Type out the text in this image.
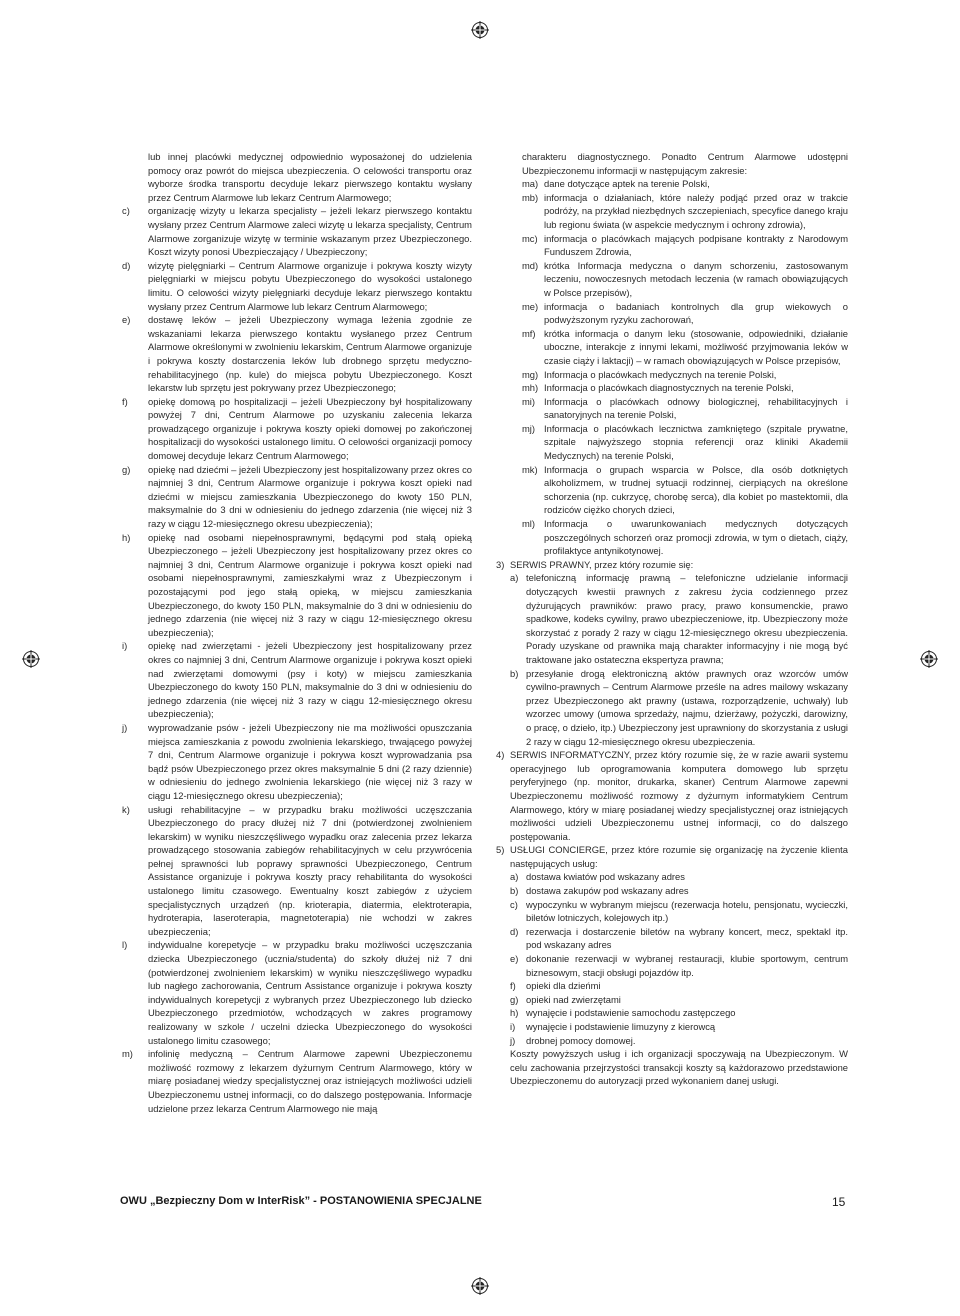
lub innej placówki medycznej odpowiednio wyposażonej do udzielenia pomocy oraz powrót do miejsca ubezpieczenia. O celowości transportu oraz wyborze środka transportu decyduje lekarz pierwszego kontaktu wysłany przez Centrum Alarmowe lub lekarz Centrum Alarmowego;

c) organizację wizyty u lekarza specjalisty – jeżeli lekarz pierwszego kontaktu wysłany przez Centrum Alarmowe zaleci wizytę u lekarza specjalisty, Centrum Alarmowe zorganizuje wizytę w terminie wskazanym przez Ubezpieczonego. Koszt wizyty ponosi Ubezpieczający / Ubezpieczony;
d) wizytę pielęgniarki – Centrum Alarmowe organizuje i pokrywa koszty wizyty pielęgniarki w miejscu pobytu Ubezpieczonego do wysokości ustalonego limitu. O celowości wizyty pielęgniarki decyduje lekarz pierwszego kontaktu wysłany przez Centrum Alarmowe lub lekarz Centrum Alarmowego;
e) dostawę leków – jeżeli Ubezpieczony wymaga leżenia zgodnie ze wskazaniami lekarza pierwszego kontaktu wysłanego przez Centrum Alarmowe określonymi w zwolnieniu lekarskim, Centrum Alarmowe organizuje i pokrywa koszty dostarczenia leków lub drobnego sprzętu medyczno-rehabilitacyjnego (np. kule) do miejsca pobytu Ubezpieczonego. Koszt lekarstw lub sprzętu jest pokrywany przez Ubezpieczonego;
f) opiekę domową po hospitalizacji – jeżeli Ubezpieczony był hospitalizowany powyżej 7 dni, Centrum Alarmowe po uzyskaniu zalecenia lekarza prowadzącego organizuje i pokrywa koszty opieki domowej po zakończonej hospitalizacji do wysokości ustalonego limitu. O celowości organizacji pomocy domowej decyduje lekarz Centrum Alarmowego;
g) opiekę nad dziećmi – jeżeli Ubezpieczony jest hospitalizowany przez okres co najmniej 3 dni, Centrum Alarmowe organizuje i pokrywa koszt opieki nad dziećmi w miejscu zamieszkania Ubezpieczonego do kwoty 150 PLN, maksymalnie do 3 dni w odniesieniu do jednego zdarzenia (nie więcej niż 3 razy w ciągu 12-miesięcznego okresu ubezpieczenia);
h) opiekę nad osobami niepełnosprawnymi, będącymi pod stałą opieką Ubezpieczonego – jeżeli Ubezpieczony jest hospitalizowany przez okres co najmniej 3 dni, Centrum Alarmowe organizuje i pokrywa koszt opieki nad osobami niepełnosprawnymi, zamieszkałymi wraz z Ubezpieczonym i pozostającymi pod jego stałą opieką, w miejscu zamieszkania Ubezpieczonego, do kwoty 150 PLN, maksymalnie do 3 dni w odniesieniu do jednego zdarzenia (nie więcej niż 3 razy w ciągu 12-miesięcznego okresu ubezpieczenia);
i) opiekę nad zwierzętami - jeżeli Ubezpieczony jest hospitalizowany przez okres co najmniej 3 dni, Centrum Alarmowe organizuje i pokrywa koszt opieki nad zwierzętami domowymi (psy i koty) w miejscu zamieszkania Ubezpieczonego do kwoty 150 PLN, maksymalnie do 3 dni w odniesieniu do jednego zdarzenia (nie więcej niż 3 razy w ciągu 12-miesięcznego okresu ubezpieczenia);
j) wyprowadzanie psów - jeżeli Ubezpieczony nie ma możliwości opuszczania miejsca zamieszkania z powodu zwolnienia lekarskiego, trwającego powyżej 7 dni, Centrum Alarmowe organizuje i pokrywa koszt wyprowadzania psa bądź psów Ubezpieczonego przez okres maksymalnie 5 dni (2 razy dziennie) w odniesieniu do jednego zwolnienia lekarskiego (nie więcej niż 3 razy w ciągu 12-miesięcznego okresu ubezpieczenia);
k) usługi rehabilitacyjne – w przypadku braku możliwości uczęszczania Ubezpieczonego do pracy dłużej niż 7 dni (potwierdzonej zwolnieniem lekarskim) w wyniku nieszczęśliwego wypadku oraz zalecenia przez lekarza prowadzącego stosowania zabiegów rehabilitacyjnych w celu przywrócenia pełnej sprawności lub poprawy sprawności Ubezpieczonego, Centrum Assistance organizuje i pokrywa koszty pracy rehabilitanta do wysokości ustalonego limitu czasowego. Ewentualny koszt zabiegów z użyciem specjalistycznych urządzeń (np. krioterapia, diatermia, elektroterapia, hydroterapia, laseroterapia, magnetoterapia) nie wchodzi w zakres ubezpieczenia;
l) indywidualne korepetycje – w przypadku braku możliwości uczęszczania dziecka Ubezpieczonego (ucznia/studenta) do szkoły dłużej niż 7 dni (potwierdzonej zwolnieniem lekarskim) w wyniku nieszczęśliwego wypadku lub nagłego zachorowania, Centrum Assistance organizuje i pokrywa koszty indywidualnych korepetycji z wybranych przez Ubezpieczonego lub dziecko Ubezpieczonego przedmiotów, wchodzących w zakres programowy realizowany w szkole / uczelni dziecka Ubezpieczonego do wysokości ustalonego limitu czasowego;
m) infolinię medyczną – Centrum Alarmowe zapewni Ubezpieczonemu możliwość rozmowy z lekarzem dyżurnym Centrum Alarmowego, który w miarę posiadanej wiedzy specjalistycznej oraz istniejących możliwości udzieli Ubezpieczonemu ustnej informacji, co do dalszego postępowania. Informacje udzielone przez lekarza Centrum Alarmowego nie mają

charakteru diagnostycznego. Ponadto Centrum Alarmowe udostępni Ubezpieczonemu informacji w następującym zakresie:

ma) dane dotyczące aptek na terenie Polski,
mb) informacja o działaniach, które należy podjąć przed oraz w trakcie podróży, na przykład niezbędnych szczepieniach, specyfice danego kraju lub regionu świata (w aspekcie medycznym i ochrony zdrowia),
mc) informacja o placówkach mających podpisane kontrakty z Narodowym Funduszem Zdrowia,
md) krótka Informacja medyczna o danym schorzeniu, zastosowanym leczeniu, nowoczesnych metodach leczenia (w ramach obowiązujących w Polsce przepisów),
me) informacja o badaniach kontrolnych dla grup wiekowych o podwyższonym ryzyku zachorowań,
mf) krótka informacja o danym leku (stosowanie, odpowiedniki, działanie uboczne, interakcje z innymi lekami, możliwość przyjmowania leków w czasie ciąży i laktacji) – w ramach obowiązujących w Polsce przepisów,
mg) Informacja o placówkach medycznych na terenie Polski,
mh) Informacja o placówkach diagnostycznych na terenie Polski,
mi) Informacja o placówkach odnowy biologicznej, rehabilitacyjnych i sanatoryjnych na terenie Polski,
mj) Informacja o placówkach lecznictwa zamkniętego (szpitale prywatne, szpitale najwyższego stopnia referencji oraz kliniki Akademii Medycznych) na terenie Polski,
mk) Informacja o grupach wsparcia w Polsce, dla osób dotkniętych alkoholizmem, w trudnej sytuacji rodzinnej, cierpiących na określone schorzenia (np. cukrzycę, chorobę serca), dla kobiet po mastektomii, dla rodziców ciężko chorych dzieci,
ml) Informacja o uwarunkowaniach medycznych dotyczących poszczególnych schorzeń oraz promocji zdrowia, w tym o dietach, ciąży, profilaktyce antynikotynowej.
3) SERWIS PRAWNY, przez który rozumie się:
a) telefoniczną informację prawną – telefoniczne udzielanie informacji dotyczących kwestii prawnych z zakresu życia codziennego przez dyżurujących prawników: prawo pracy, prawo konsumenckie, prawo spadkowe, kodeks cywilny, prawo ubezpieczeniowe, itp. Ubezpieczony może skorzystać z porady 2 razy w ciągu 12-miesięcznego okresu ubezpieczenia. Porady uzyskane od prawnika mają charakter informacyjny i nie mogą być traktowane jako ostateczna ekspertyza prawna;
b) przesyłanie drogą elektroniczną aktów prawnych oraz wzorców umów cywilno-prawnych – Centrum Alarmowe prześle na adres mailowy wskazany przez Ubezpieczonego akt prawny (ustawa, rozporządzenie, uchwały) lub wzorzec umowy (umowa sprzedaży, najmu, dzierżawy, pożyczki, darowizny, o pracę, o dzieło, itp.) Ubezpieczony jest uprawniony do skorzystania z usługi 2 razy w ciągu 12-miesięcznego okresu ubezpieczenia.
4) SERWIS INFORMATYCZNY, przez który rozumie się, że w razie awarii systemu operacyjnego lub oprogramowania komputera domowego lub sprzętu peryferyjnego (np. monitor, drukarka, skaner) Centrum Alarmowe zapewni Ubezpieczonemu możliwość rozmowy z dyżurnym informatykiem Centrum Alarmowego, który w miarę posiadanej wiedzy specjalistycznej oraz istniejących możliwości udzieli Ubezpieczonemu ustnej informacji, co do dalszego postępowania.
5) USŁUGI CONCIERGE, przez które rozumie się organizację na życzenie klienta następujących usług:
a) dostawa kwiatów pod wskazany adres
b) dostawa zakupów pod wskazany adres
c) wypoczynku w wybranym miejscu (rezerwacja hotelu, pensjonatu, wycieczki, biletów lotniczych, kolejowych itp.)
d) rezerwacja i dostarczenie biletów na wybrany koncert, mecz, spektakl itp. pod wskazany adres
e) dokonanie rezerwacji w wybranej restauracji, klubie sportowym, centrum biznesowym, stacji obsługi pojazdów itp.
f) opieki dla dzieńmi
g) opieki nad zwierzętami
h) wynajęcie i podstawienie samochodu zastępczego
i) wynajęcie i podstawienie limuzyny z kierowcą
j) drobnej pomocy domowej.

Koszty powyższych usług i ich organizacji spoczywają na Ubezpieczonym. W celu zachowania przejrzystości transakcji koszty są każdorazowo przedstawione Ubezpieczonemu do autoryzacji przed wykonaniem danej usługi.

OWU „Bezpieczny Dom w InterRisk” - POSTANOWIENIA SPECJALNE	15
